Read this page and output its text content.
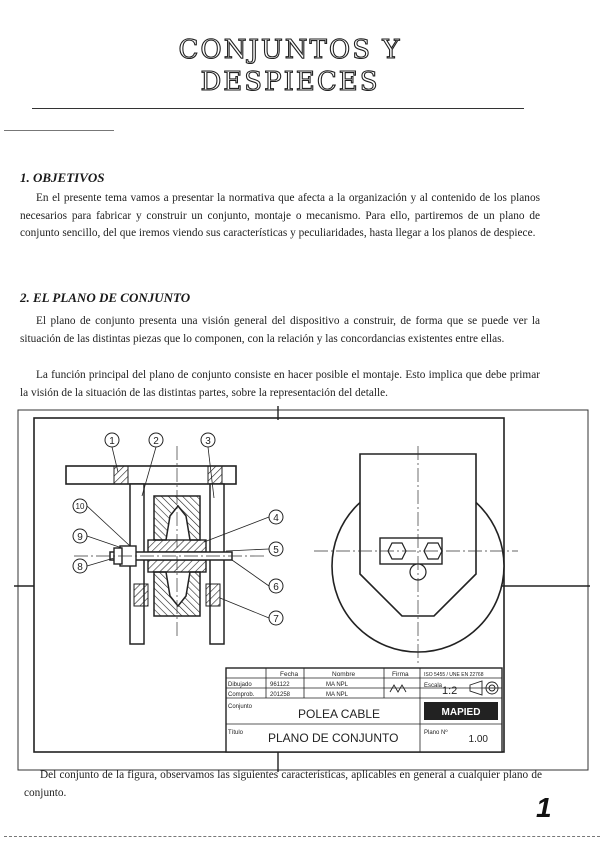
CONJUNTOS Y
DESPIECES
1. OBJETIVOS
En el presente tema vamos a presentar la normativa que afecta a la organización y al contenido de los planos necesarios para fabricar y construir un conjunto, montaje o mecanismo. Para ello, partiremos de un plano de conjunto sencillo, del que iremos viendo sus características y peculiaridades, hasta llegar a los planos de despiece.
2. EL PLANO DE CONJUNTO
El plano de conjunto presenta una visión general del dispositivo a construir, de forma que se puede ver la situación de las distintas piezas que lo componen, con la relación y las concordancias existentes entre ellas.
La función principal del plano de conjunto consiste en hacer posible el montaje. Esto implica que debe primar la visión de la situación de las distintas partes, sobre la representación del detalle.
1	2	3
4
5
6
7
8
9
10
Fecha	Nombre	Firma	ISO 5455 / UNE EN 22768
Dibujado	961122	MA NPL
Comprob.	201258	MA NPL
Escala 1:2
Conjunto	POLEA CABLE	MAPIED
Título PLANO DE CONJUNTO	Plano Nº
1.00
Del conjunto de la figura, observamos las siguientes características, aplicables en general a cualquier plano de conjunto.	1
